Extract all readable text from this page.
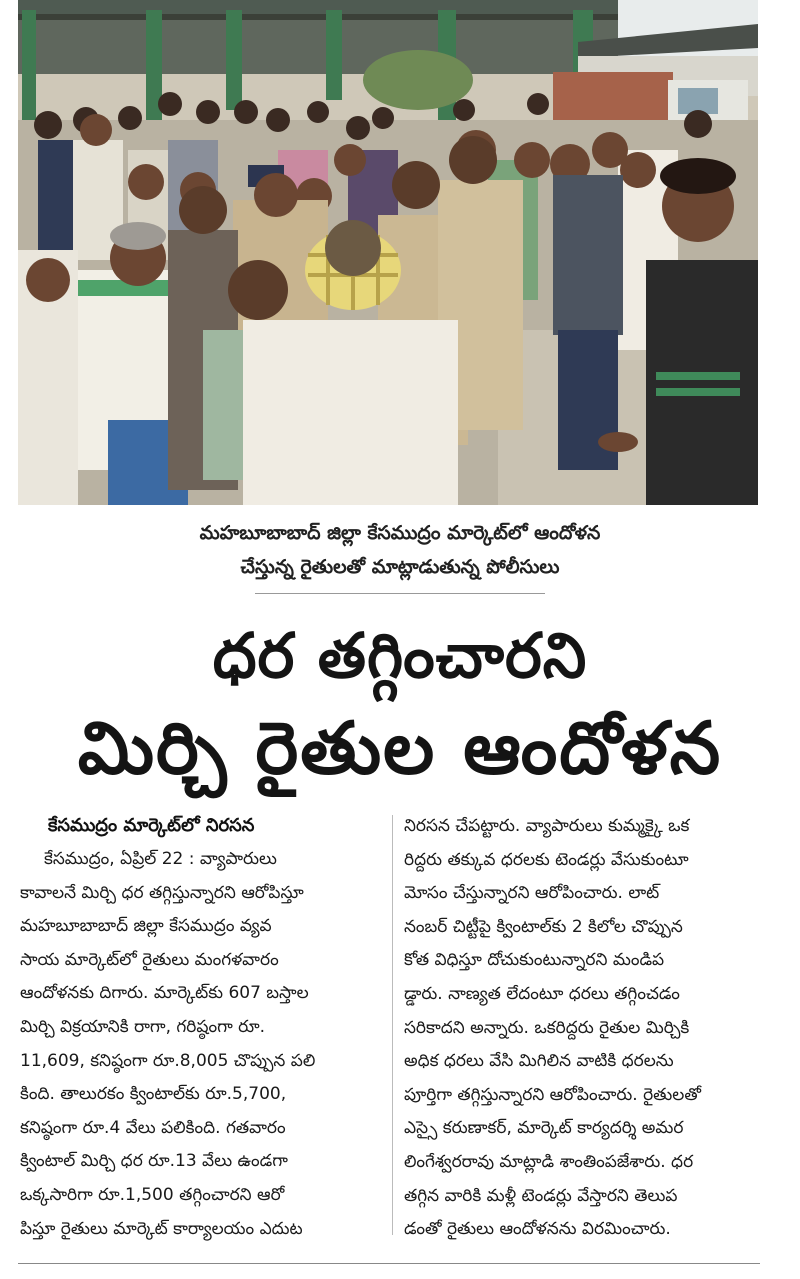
మహబూబాబాద్ జిల్లా కేసముద్రం మార్కెట్‌లో ఆందోళన
చేస్తున్న రైతులతో మాట్లాడుతున్న పోలీసులు
ధర తగ్గించారని
మిర్చి రైతుల ఆందోళన
కేసముద్రం మార్కెట్‌లో నిరసన
కేసముద్రం, ఏప్రిల్ 22 : వ్యాపారులు
కావాలనే మిర్చి ధర తగ్గిస్తున్నారని ఆరోపిస్తూ
మహబూబాబాద్ జిల్లా కేసముద్రం వ్యవ
సాయ మార్కెట్‌లో రైతులు మంగళవారం
ఆందోళనకు దిగారు. మార్కెట్‌కు 607 బస్తాల
మిర్చి విక్రయానికి రాగా, గరిష్ఠంగా రూ.
11,609, కనిష్ఠంగా రూ.8,005 చొప్పున పలి
కింది. తాలురకం క్వింటాల్‌కు రూ.5,700,
కనిష్ఠంగా రూ.4 వేలు పలికింది. గతవారం
క్వింటాల్ మిర్చి ధర రూ.13 వేలు ఉండగా
ఒక్కసారిగా రూ.1,500 తగ్గించారని ఆరో
పిస్తూ రైతులు మార్కెట్ కార్యాలయం ఎదుట
నిరసన చేపట్టారు. వ్యాపారులు కుమ్మక్కై ఒక
రిద్దరు తక్కువ ధరలకు టెండర్లు వేసుకుంటూ
మోసం చేస్తున్నారని ఆరోపించారు. లాట్
నంబర్ చిట్టీపై క్వింటాల్‌కు 2 కిలోల చొప్పున
కోత విధిస్తూ దోచుకుంటున్నారని మండిప
డ్డారు. నాణ్యత లేదంటూ ధరలు తగ్గించడం
సరికాదని అన్నారు. ఒకరిద్దరు రైతుల మిర్చికి
అధిక ధరలు వేసి మిగిలిన వాటికి ధరలను
పూర్తిగా తగ్గిస్తున్నారని ఆరోపించారు. రైతులతో
ఎస్సై కరుణాకర్, మార్కెట్ కార్యదర్శి అమర
లింగేశ్వరరావు మాట్లాడి శాంతింపజేశారు. ధర
తగ్గిన వారికి మళ్లీ టెండర్లు వేస్తారని తెలుప
డంతో రైతులు ఆందోళనను విరమించారు.
